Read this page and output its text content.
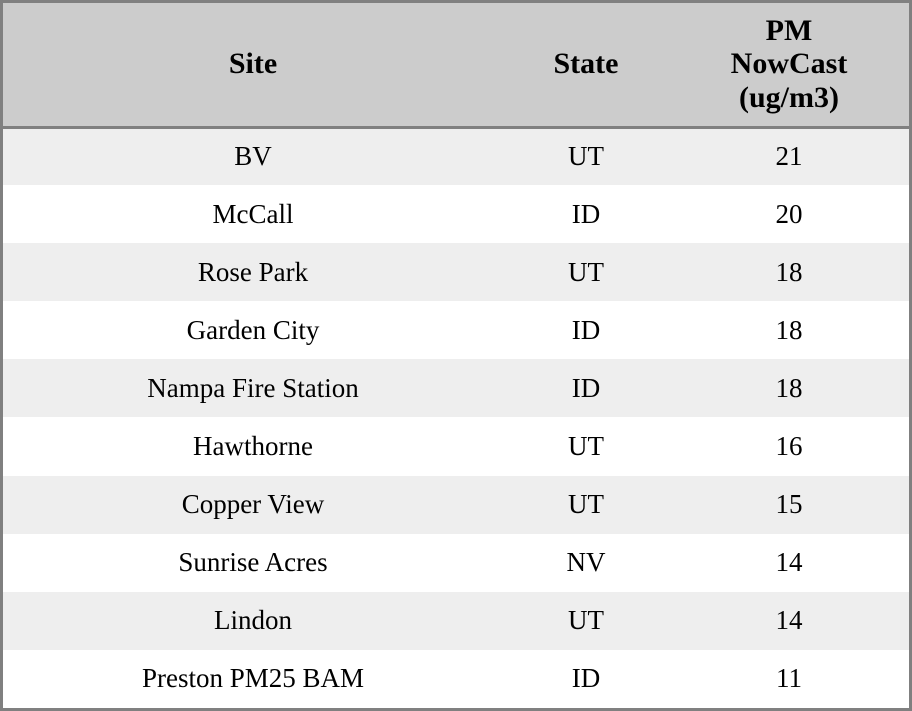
Site	State	PM
NowCast
(ug/m3)

BV	UT	21
McCall	ID	20
Rose Park	UT	18
Garden City	ID	18
Nampa Fire Station	ID	18
Hawthorne	UT	16
Copper View	UT	15
Sunrise Acres	NV	14
Lindon	UT	14
Preston PM25 BAM	ID	11
